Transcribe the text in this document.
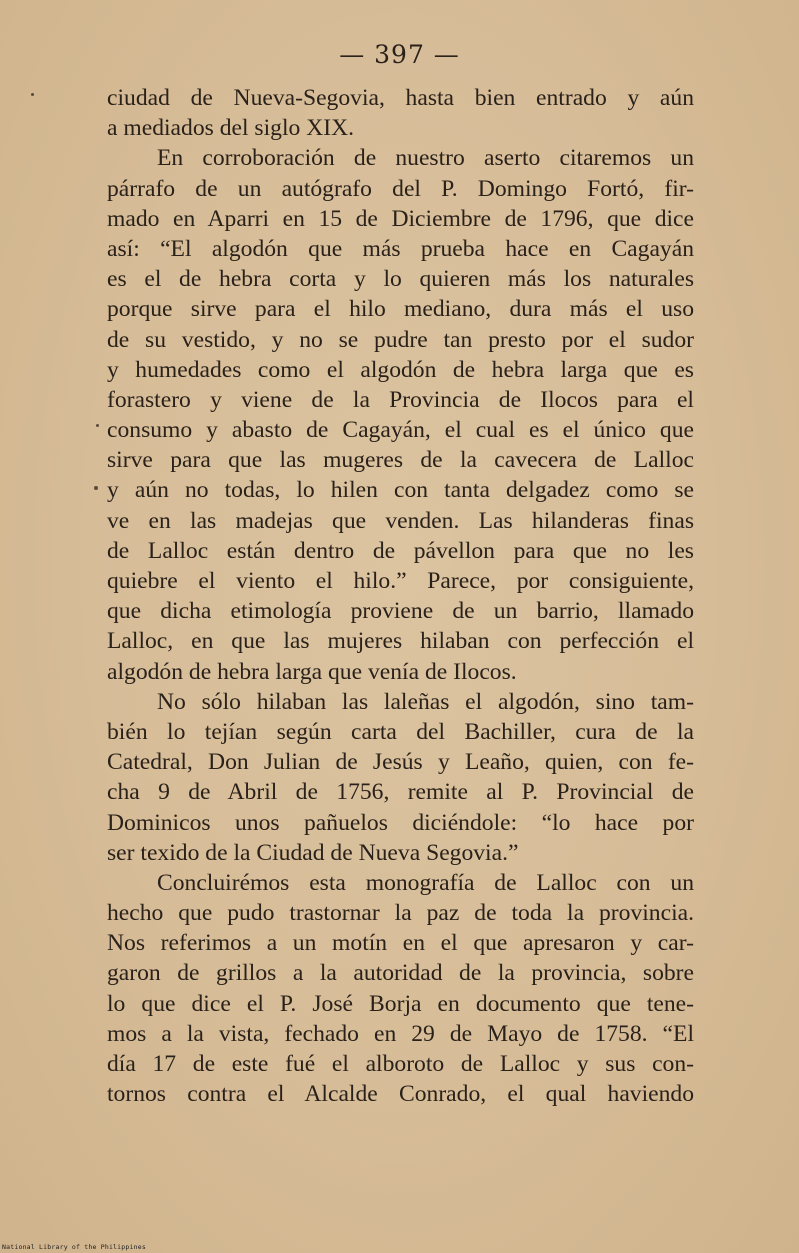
— 397 —
ciudad de Nueva-Segovia, hasta bien entrado y aún
a mediados del siglo XIX.
En corroboración de nuestro aserto citaremos un
párrafo de un autógrafo del P. Domingo Fortó, fir-
mado en Aparri en 15 de Diciembre de 1796, que dice
así: “El algodón que más prueba hace en Cagayán
es el de hebra corta y lo quieren más los naturales
porque sirve para el hilo mediano, dura más el uso
de su vestido, y no se pudre tan presto por el sudor
y humedades como el algodón de hebra larga que es
forastero y viene de la Provincia de Ilocos para el
consumo y abasto de Cagayán, el cual es el único que
sirve para que las mugeres de la cavecera de Lalloc
y aún no todas, lo hilen con tanta delgadez como se
ve en las madejas que venden. Las hilanderas finas
de Lalloc están dentro de pávellon para que no les
quiebre el viento el hilo.” Parece, por consiguiente,
que dicha etimología proviene de un barrio, llamado
Lalloc, en que las mujeres hilaban con perfección el
algodón de hebra larga que venía de Ilocos.
No sólo hilaban las laleñas el algodón, sino tam-
bién lo tejían según carta del Bachiller, cura de la
Catedral, Don Julian de Jesús y Leaño, quien, con fe-
cha 9 de Abril de 1756, remite al P. Provincial de
Dominicos unos pañuelos diciéndole: “lo hace por
ser texido de la Ciudad de Nueva Segovia.”
Concluirémos esta monografía de Lalloc con un
hecho que pudo trastornar la paz de toda la provincia.
Nos referimos a un motín en el que apresaron y car-
garon de grillos a la autoridad de la provincia, sobre
lo que dice el P. José Borja en documento que tene-
mos a la vista, fechado en 29 de Mayo de 1758. “El
día 17 de este fué el alboroto de Lalloc y sus con-
tornos contra el Alcalde Conrado, el qual haviendo
National Library of the Philippines
